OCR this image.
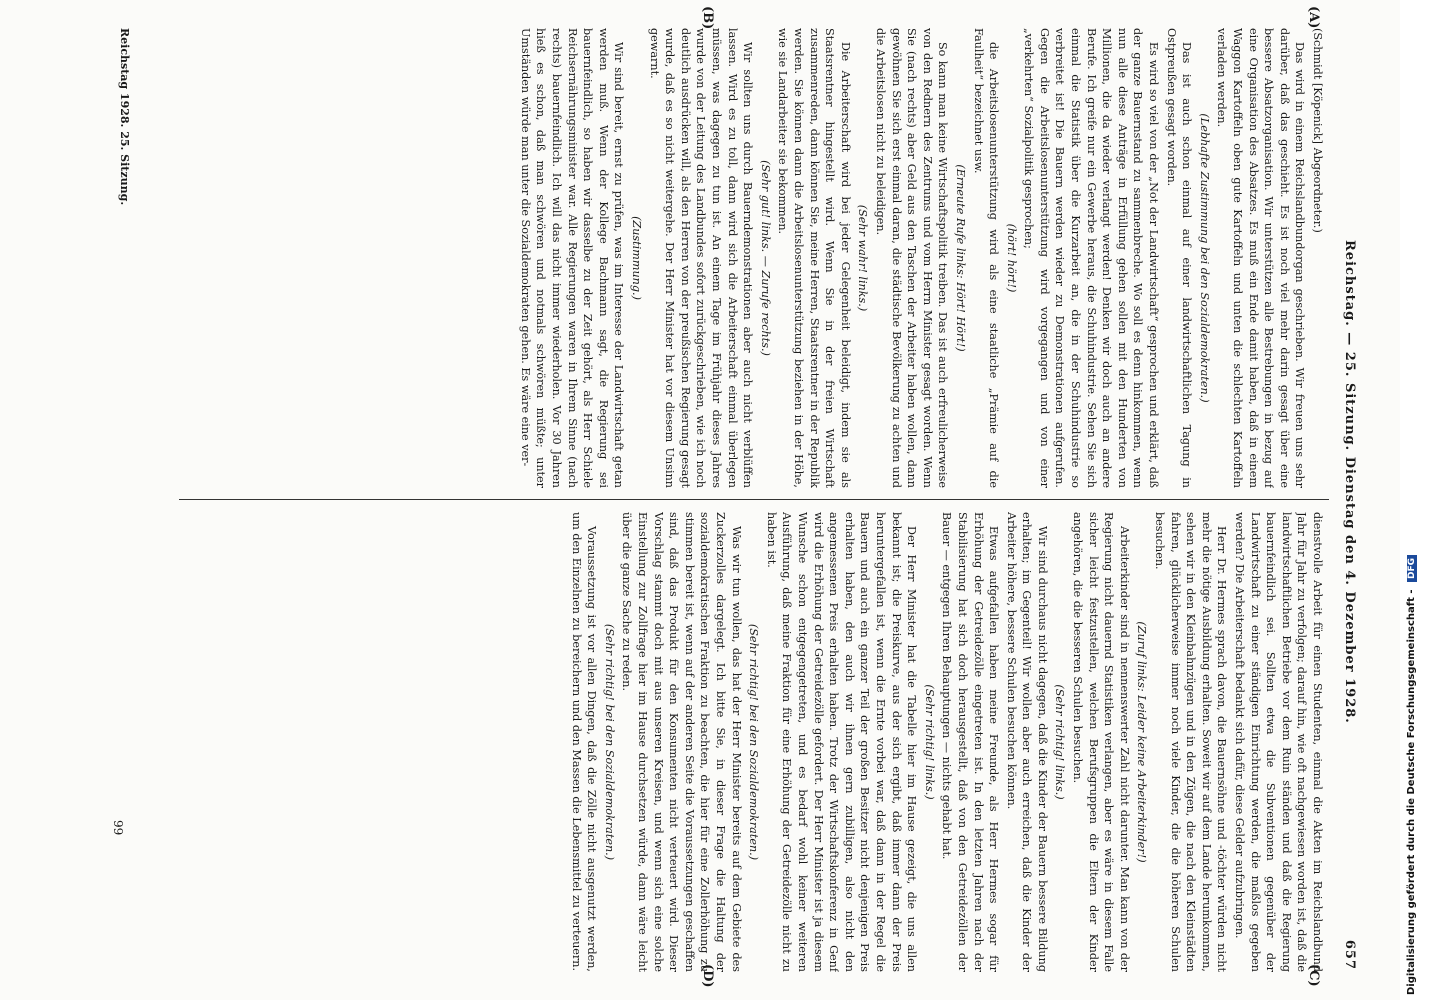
Reichstag. — 25. Sitzung. Dienstag den 4. Dezember 1928.
657

(Schmidt [Köpenick] Abgeordneter.)

Das wird in einem Reichslandbundorgan geschrieben. Wir freuen uns sehr darüber, daß das geschieht. Es ist noch viel mehr darin gesagt über eine bessere Absatzorganisation. Wir unterstützen alle Bestrebungen in bezug auf eine Organisation des Absatzes. Es muß ein Ende damit haben, daß in einem Waggon Kartoffeln oben gute Kartoffeln und unten die schlechten Kartoffeln verladen werden.

(Lebhafte Zustimmung bei den Sozialdemokraten.)

Das ist auch schon einmal auf einer landwirtschaftlichen Tagung in Ostpreußen gesagt worden.

Es wird so viel von der „Not der Landwirtschaft“ gesprochen und erklärt, daß der ganze Bauernstand zu sammenbreche. Wo soll es denn hinkommen, wenn nun alle diese Anträge in Erfüllung gehen sollen mit den Hunderten von Millionen, die da wieder verlangt werden! Denken wir doch auch an andere Berufe. Ich greife nur ein Gewerbe heraus, die Schuhindustrie. Sehen Sie sich einmal die Statistik über die Kurzarbeit an, die in der Schuhindustrie so verbreitet ist! Die Bauern werden wieder zu Demonstrationen aufgerufen. Gegen die Arbeitslosenunterstützung wird vorgegangen und von einer „verkehrten“ Sozialpolitik gesprochen;

(hört! hört!)

die Arbeitslosenunterstützung wird als eine staatliche „Prämie auf die Faulheit“ bezeichnet usw.

(Erneute Rufe links: Hört! Hört!)

So kann man keine Wirtschaftspolitik treiben. Das ist auch erfreulicherweise von den Rednern des Zentrums und vom Herrn Minister gesagt worden. Wenn Sie (nach rechts) aber Geld aus den Taschen der Arbeiter haben wollen, dann gewöhnen Sie sich erst einmal daran, die städtische Bevölkerung zu achten und die Arbeitslosen nicht zu beleidigen.

(Sehr wahr! links.)

Die Arbeiterschaft wird bei jeder Gelegenheit beleidigt, indem sie als Staatsrentner hingestellt wird. Wenn Sie in der freien Wirtschaft zusammenreden, dann können Sie, meine Herren, Staatsrentner in der Republik werden. Sie können dann die Arbeitslosenunterstützung beziehen in der Höhe, wie sie Landarbeiter sie bekommen.

(Sehr gut! links. — Zurufe rechts.)

Wir sollten uns durch Bauerndemonstrationen aber auch nicht verblüffen lassen. Wird es zu toll, dann wird sich die Arbeiterschaft einmal überlegen müssen, was dagegen zu tun ist. An einem Tage im Frühjahr dieses Jahres wurde von der Leitung des Landbundes sofort zurückgeschrieben, wie ich noch deutlich ausdrücken will, als den Herren von der preußischen Regierung gesagt wurde, daß es so nicht weitergehe. Der Herr Minister hat vor diesem Unsinn gewarnt.

(Zustimmung.)

Wir sind bereit, ernst zu prüfen, was im Interesse der Landwirtschaft getan werden muß. Wenn der Kollege Bachmann sagt, die Regierung sei bauernfeindlich, so haben wir dasselbe zu der Zeit gehört, als Herr Schiele Reichsernährungsminister war. Alle Regierungen waren in Ihrem Sinne (nach rechts) bauernfeindlich. Ich will das nicht immer wiederholen. Vor 30 Jahren hieß es schon, daß man schwören und notmals schwören müßte; unter Umständen würde man unter die Sozialdemokraten gehen. Es wäre eine ver-

dienstvolle Arbeit für einen Studenten, einmal die Akten im Reichslandbund Jahr für Jahr zu verfolgen; darauf hin, wie oft nachgewiesen worden ist, daß die landwirtschaftlichen Betriebe vor dem Ruin ständen und daß die Regierung bauernfeindlich sei. Sollten etwa die Subventionen gegenüber der Landwirtschaft zu einer ständigen Einrichtung werden, die maßlos gegeben werden? Die Arbeiterschaft bedankt sich dafür, diese Gelder aufzubringen.

Herr Dr. Hermes sprach davon, die Bauernsöhne und -töchter würden nicht mehr die nötige Ausbildung erhalten. Soweit wir auf dem Lande herumkommen, sehen wir in den Kleinbahnzügen und in den Zügen, die nach den Kleinstädten fahren, glücklicherweise immer noch viele Kinder, die die höheren Schulen besuchen.

(Zuruf links: Leider keine Arbeiterkinder!)

Arbeiterkinder sind in nennenswerter Zahl nicht darunter. Man kann von der Regierung nicht dauernd Statistiken verlangen, aber es wäre in diesem Falle sicher leicht festzustellen, welchen Berufsgruppen die Eltern der Kinder angehören, die die besseren Schulen besuchen.

(Sehr richtig! links.)

Wir sind durchaus nicht dagegen, daß die Kinder der Bauern bessere Bildung erhalten; im Gegenteil! Wir wollen aber auch erreichen, daß die Kinder der Arbeiter höhere, bessere Schulen besuchen können.

Etwas aufgefallen haben meine Freunde, als Herr Hermes sogar für Erhöhung der Getreidezölle eingetreten ist. In den letzten Jahren nach der Stabilisierung hat sich doch herausgestellt, daß von den Getreidezöllen der Bauer — entgegen Ihren Behauptungen — nichts gehabt hat.

(Sehr richtig! links.)

Der Herr Minister hat die Tabelle hier im Hause gezeigt, die uns allen bekannt ist; die Preiskurve, aus der sich ergibt, daß immer dann der Preis heruntergefallen ist, wenn die Ernte vorbei war, daß dann in der Regel die Bauern und auch ein ganzer Teil der großen Besitzer nicht denjenigen Preis erhalten haben, den auch wir ihnen gern zubilligen, also nicht den angemessenen Preis erhalten haben. Trotz der Wirtschaftskonferenz in Genf wird die Erhöhung der Getreidezölle gefordert. Der Herr Minister ist ja diesem Wunsche schon entgegengetreten, und es bedarf wohl keiner weiteren Ausführung, daß meine Fraktion für eine Erhöhung der Getreidezölle nicht zu haben ist.

(Sehr richtig! bei den Sozialdemokraten.)

Was wir tun wollen, das hat der Herr Minister bereits auf dem Gebiete des Zuckerzolles dargelegt. Ich bitte Sie, in dieser Frage die Haltung der sozialdemokratischen Fraktion zu beachten, die hier für eine Zollerhöhung zu stimmen bereit ist, wenn auf der anderen Seite die Voraussetzungen geschaffen sind, daß das Produkt für den Konsumenten nicht verteuert wird. Dieser Vorschlag stammt doch mit aus unseren Kreisen, und wenn sich eine solche Einstellung zur Zollfrage hier im Hause durchsetzen würde, dann wäre leicht über die ganze Sache zu reden.

(Sehr richtig! bei den Sozialdemokraten.)

Voraussetzung ist vor allen Dingen, daß die Zölle nicht ausgenutzt werden, um den Einzelnen zu bereichern und den Massen die Lebensmittel zu verteuern.

(A)
(B)
(C)
(D)
Reichstag 1928. 25. Sitzung.
99	Digitalisierung gefördert durch die Deutsche Forschungsgemeinschaft - DFG
